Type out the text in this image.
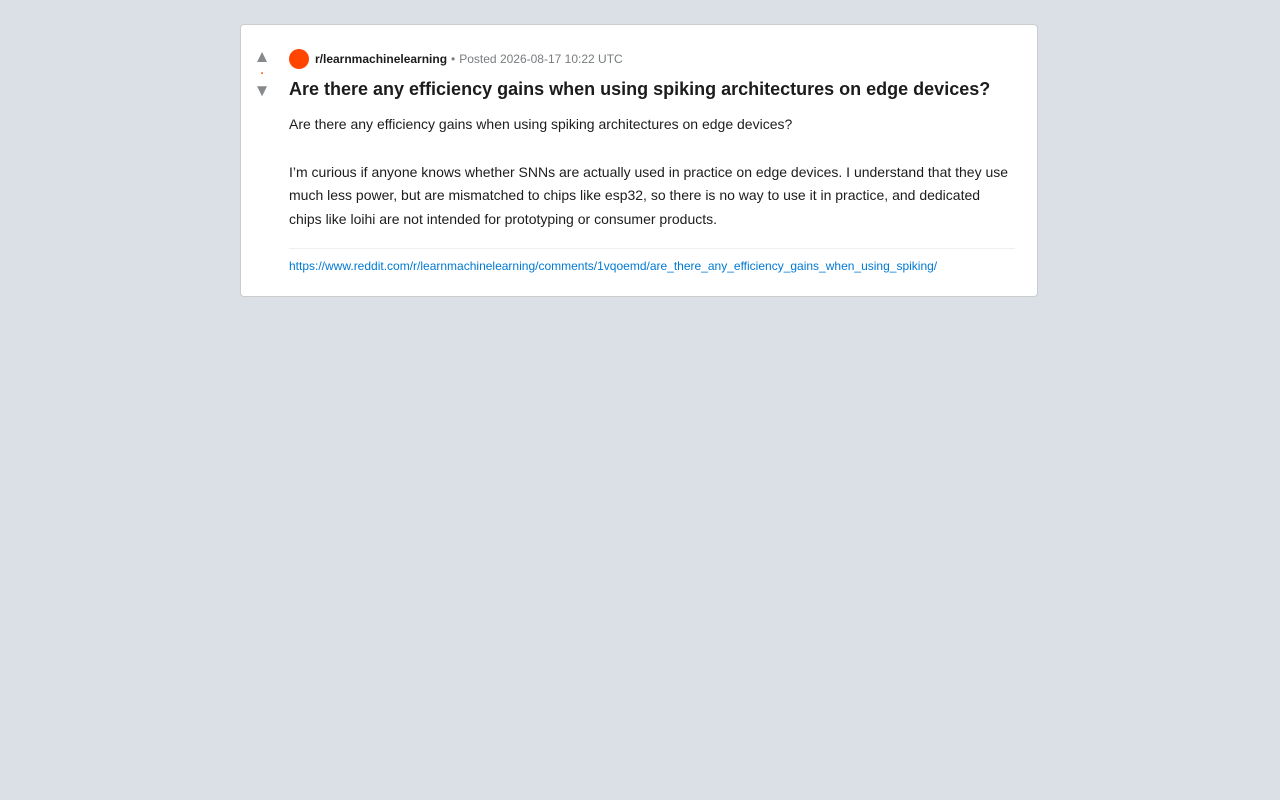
▲
•
▼
r/learnmachinelearning • Posted 2026-08-17 10:22 UTC
Are there any efficiency gains when using spiking architectures on edge devices?

Are there any efficiency gains when using spiking architectures on edge devices?

I’m curious if anyone knows whether SNNs are actually used in practice on edge devices. I understand that they use much less power, but are mismatched to chips like esp32, so there is no way to use it in practice, and dedicated chips like loihi are not intended for prototyping or consumer products.

https://www.reddit.com/r/learnmachinelearning/comments/1vqoemd/are_there_any_efficiency_gains_when_using_spiking/
